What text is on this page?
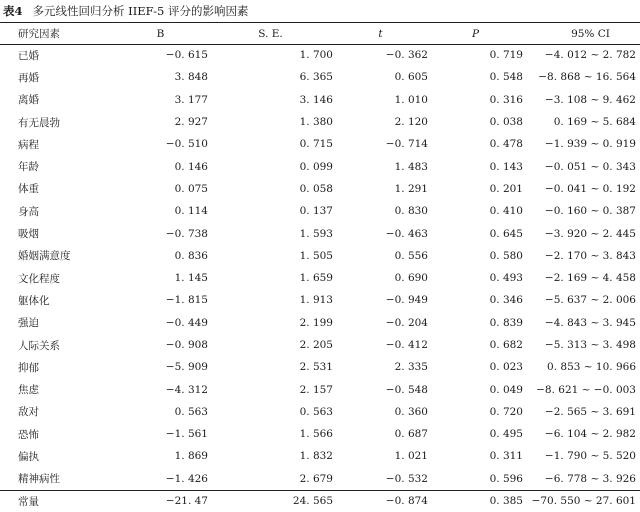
表4 多元线性回归分析 IIEF-5 评分的影响因素
研究因素	B	S. E.	t	P	95% CI
已婚	−0. 615	1. 700	−0. 362	0. 719	−4. 012 ~ 2. 782
再婚	3. 848	6. 365	0. 605	0. 548	−8. 868 ~ 16. 564
离婚	3. 177	3. 146	1. 010	0. 316	−3. 108 ~ 9. 462
有无晨勃	2. 927	1. 380	2. 120	0. 038	0. 169 ~ 5. 684
病程	−0. 510	0. 715	−0. 714	0. 478	−1. 939 ~ 0. 919
年龄	0. 146	0. 099	1. 483	0. 143	−0. 051 ~ 0. 343
体重	0. 075	0. 058	1. 291	0. 201	−0. 041 ~ 0. 192
身高	0. 114	0. 137	0. 830	0. 410	−0. 160 ~ 0. 387
吸烟	−0. 738	1. 593	−0. 463	0. 645	−3. 920 ~ 2. 445
婚姻满意度	0. 836	1. 505	0. 556	0. 580	−2. 170 ~ 3. 843
文化程度	1. 145	1. 659	0. 690	0. 493	−2. 169 ~ 4. 458
躯体化	−1. 815	1. 913	−0. 949	0. 346	−5. 637 ~ 2. 006
强迫	−0. 449	2. 199	−0. 204	0. 839	−4. 843 ~ 3. 945
人际关系	−0. 908	2. 205	−0. 412	0. 682	−5. 313 ~ 3. 498
抑郁	−5. 909	2. 531	2. 335	0. 023	0. 853 ~ 10. 966
焦虑	−4. 312	2. 157	−0. 548	0. 049	−8. 621 ~ −0. 003
敌对	0. 563	0. 563	0. 360	0. 720	−2. 565 ~ 3. 691
恐怖	−1. 561	1. 566	0. 687	0. 495	−6. 104 ~ 2. 982
偏执	1. 869	1. 832	1. 021	0. 311	−1. 790 ~ 5. 520
精神病性	−1. 426	2. 679	−0. 532	0. 596	−6. 778 ~ 3. 926
常量	−21. 47	24. 565	−0. 874	0. 385	−70. 550 ~ 27. 601
